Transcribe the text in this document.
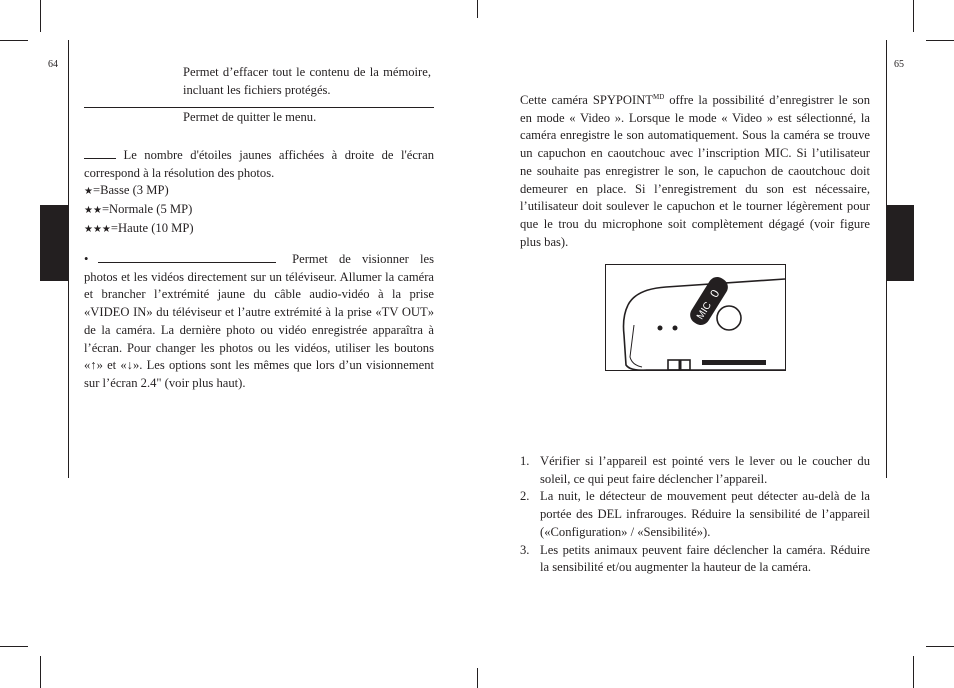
64	65
Permet d’effacer tout le contenu de la mémoire, incluant les fichiers protégés.
Permet de quitter le menu.

Le nombre d'étoiles jaunes affichées à droite de l'écran correspond à la résolution des photos.

★=Basse (3 MP)

★★=Normale (5 MP)

★★★=Haute (10 MP)

•	Permet de visionner les

photos et les vidéos directement sur un téléviseur. Allumer la caméra et brancher l’extrémité jaune du câble audio-vidéo à la prise «VIDEO IN» du téléviseur et l’autre extrémité à la prise «TV OUT» de la caméra. La dernière photo ou vidéo enregistrée apparaîtra à l’écran. Pour changer les photos ou les vidéos, utiliser les boutons «↑» et «↓». Les options sont les mêmes que lors d’un visionnement sur l’écran 2.4" (voir plus haut).

Cette caméra $SPYPOINT^{MD}$ offre la possibilité d’enregistrer le son en mode « Video ». Lorsque le mode « Video » est sélectionné, la caméra enregistre le son automatiquement. Sous la caméra se trouve un capuchon en caoutchouc avec l’inscription MIC. Si l’utilisateur ne souhaite pas enregistrer le son, le capuchon de caoutchouc doit demeurer en place. Si l’enregistrement du son est nécessaire, l’utilisateur doit soulever le capuchon et le tourner légèrement pour que le trou du microphone soit complètement dégagé (voir figure plus bas).

MIC
0
1. Vérifier si l’appareil est pointé vers le lever ou le coucher du soleil, ce qui peut faire déclencher l’appareil.
2. La nuit, le détecteur de mouvement peut détecter au-delà de la portée des DEL infrarouges. Réduire la sensibilité de l’appareil («Configuration» / «Sensibilité»).
3. Les petits animaux peuvent faire déclencher la caméra. Réduire la sensibilité et/ou augmenter la hauteur de la caméra.
